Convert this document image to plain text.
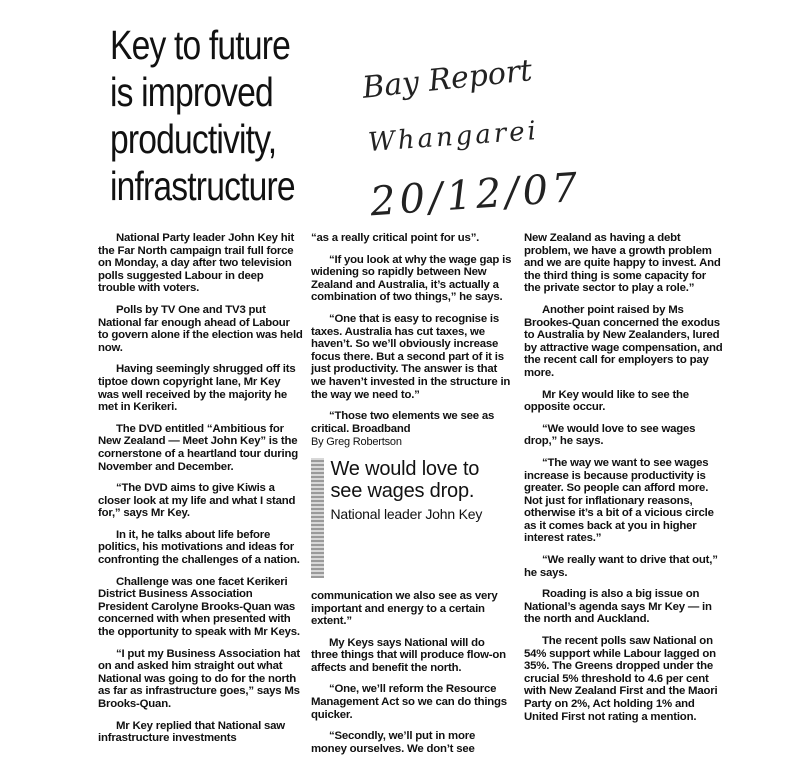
Key to future
is improved
productivity,
infrastructure
Bay Report
Whangarei
20/12/07

National Party leader John Key hit the Far North campaign trail full force on Monday, a day after two television polls suggested Labour in deep trouble with voters.

Polls by TV One and TV3 put National far enough ahead of Labour to govern alone if the election was held now.

Having seemingly shrugged off its tiptoe down copyright lane, Mr Key was well received by the majority he met in Kerikeri.

The DVD entitled “Ambitious for New Zealand — Meet John Key” is the cornerstone of a heartland tour during November and December.

“The DVD aims to give Kiwis a closer look at my life and what I stand for,” says Mr Key.

In it, he talks about life before politics, his motivations and ideas for confronting the challenges of a nation.

Challenge was one facet Kerikeri District Business Association President Carolyne Brooks-Quan was concerned with when presented with the opportunity to speak with Mr Keys.

“I put my Business Association hat on and asked him straight out what National was going to do for the north as far as infrastructure goes,” says Ms Brooks-Quan.

Mr Key replied that National saw infrastructure investments

“as a really critical point for us”.

“If you look at why the wage gap is widening so rapidly between New Zealand and Australia, it’s actually a combination of two things,” he says.

“One that is easy to recognise is taxes. Australia has cut taxes, we haven’t. So we’ll obviously increase focus there. But a second part of it is just productivity. The answer is that we haven’t invested in the structure in the way we need to.”

“Those two elements we see as critical. Broadband

By Greg Robertson

We would love to see wages drop.
National leader John Key

communication we also see as very important and energy to a certain extent.”

My Keys says National will do three things that will produce flow-on affects and benefit the north.

“One, we’ll reform the Resource Management Act so we can do things quicker.

“Secondly, we’ll put in more money ourselves. We don’t see

New Zealand as having a debt problem, we have a growth problem and we are quite happy to invest. And the third thing is some capacity for the private sector to play a role.”

Another point raised by Ms Brookes-Quan concerned the exodus to Australia by New Zealanders, lured by attractive wage compensation, and the recent call for employers to pay more.

Mr Key would like to see the opposite occur.

“We would love to see wages drop,” he says.

“The way we want to see wages increase is because productivity is greater. So people can afford more. Not just for inflationary reasons, otherwise it’s a bit of a vicious circle as it comes back at you in higher interest rates.”

“We really want to drive that out,” he says.

Roading is also a big issue on National’s agenda says Mr Key — in the north and Auckland.

The recent polls saw National on 54% support while Labour lagged on 35%. The Greens dropped under the crucial 5% threshold to 4.6 per cent with New Zealand First and the Maori Party on 2%, Act holding 1% and United First not rating a mention.
